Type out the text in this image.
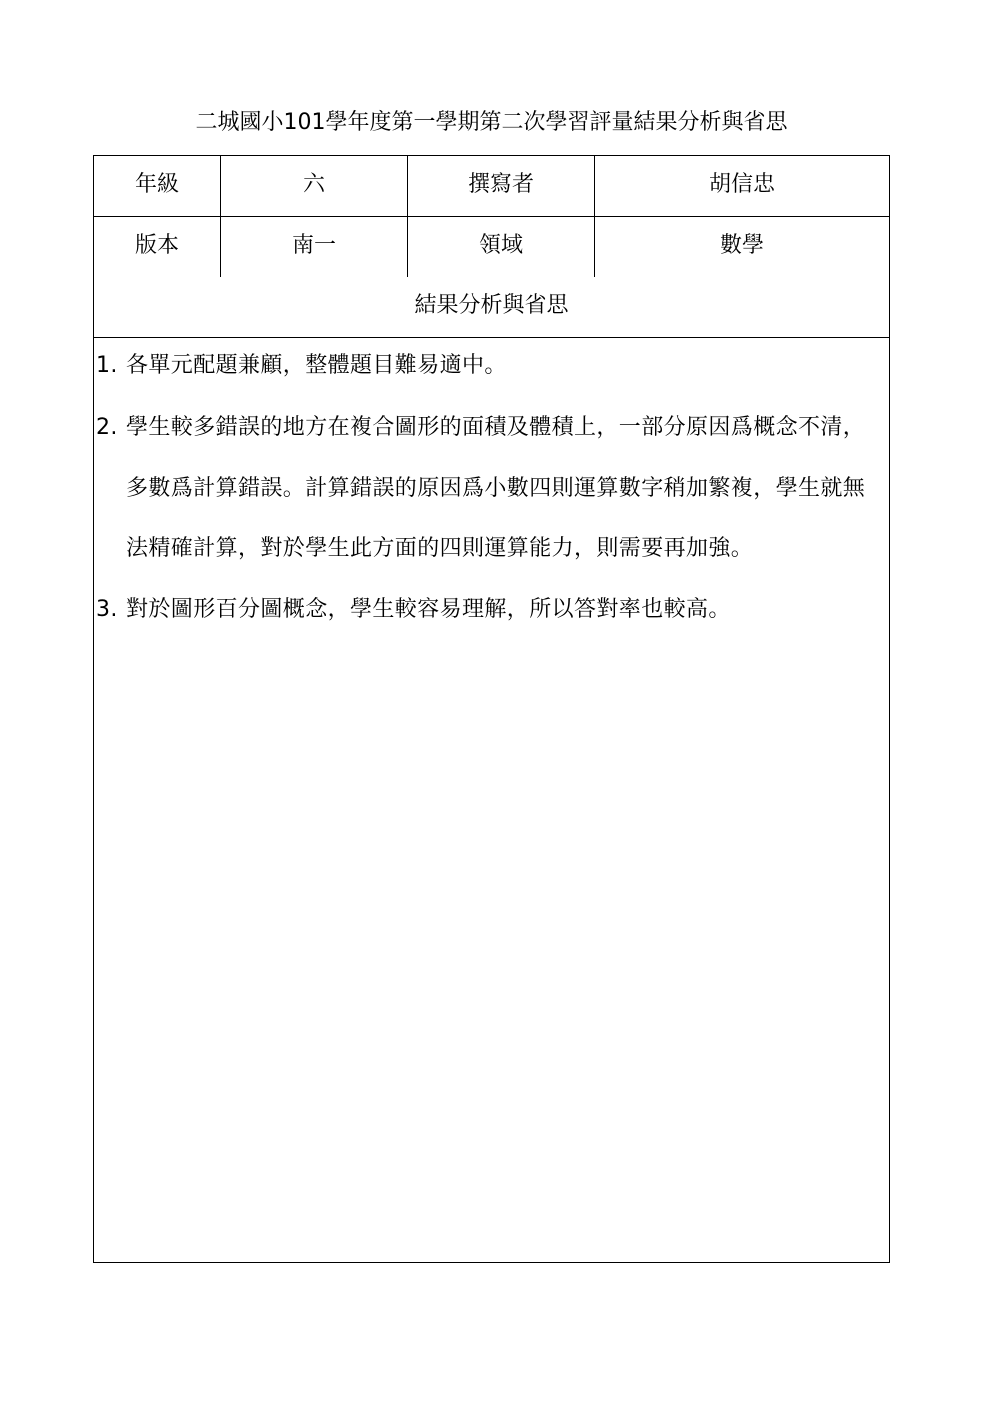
二城國小101學年度第一學期第二次學習評量結果分析與省思
年級	六	撰寫者	胡信忠
版本	南一	領域	數學
結果分析與省思
1. 各單元配題兼顧，整體題目難易適中。
2. 學生較多錯誤的地方在複合圖形的面積及體積上，一部分原因爲概念不清，
多數爲計算錯誤。計算錯誤的原因爲小數四則運算數字稍加繁複，學生就無
法精確計算，對於學生此方面的四則運算能力，則需要再加強。
3. 對於圖形百分圖概念，學生較容易理解，所以答對率也較高。
